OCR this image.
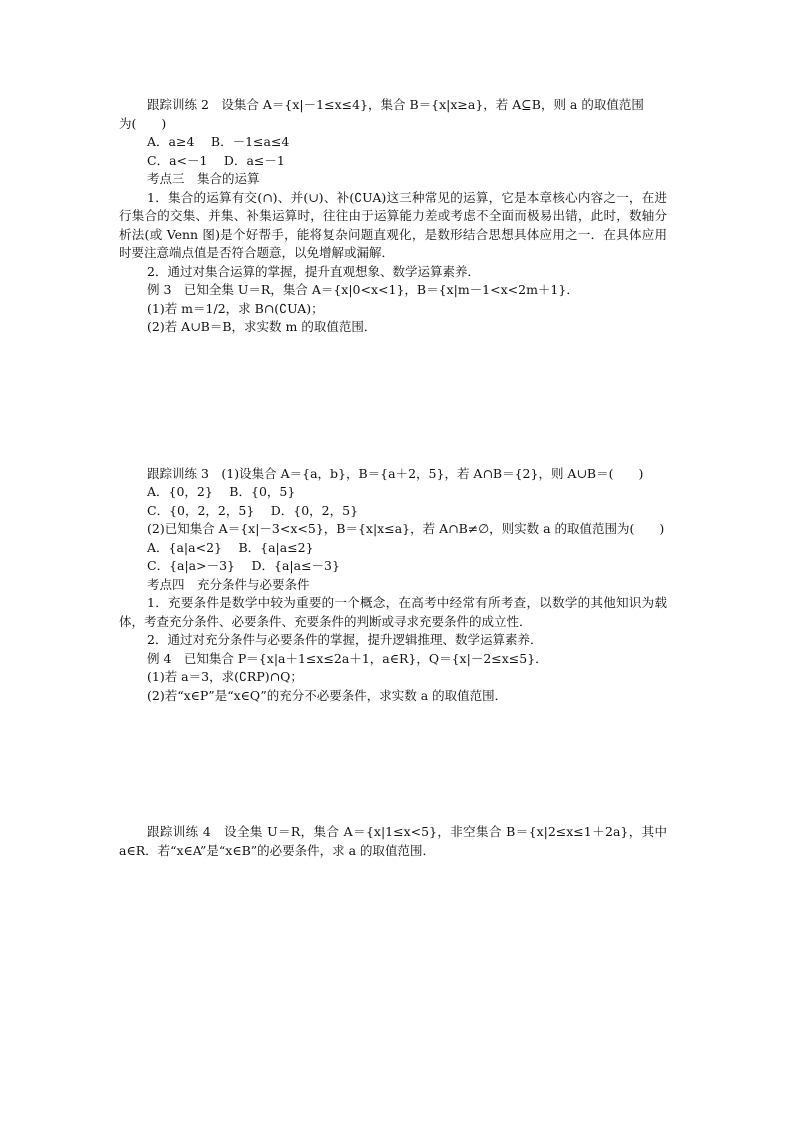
跟踪训练 2　设集合 A＝{x|－1≤x≤4}，集合 B＝{x|x≥a}，若 A⊆B，则 a 的取值范围
为(　　)
A．a≥4　 B．－1≤a≤4
C．a<－1　 D．a≤－1
考点三　集合的运算
1．集合的运算有交(∩)、并(∪)、补(∁UA)这三种常见的运算，它是本章核心内容之一，在进行集合的交集、并集、补集运算时，往往由于运算能力差或考虑不全面而极易出错，此时，数轴分析法(或 Venn 图)是个好帮手，能将复杂问题直观化，是数形结合思想具体应用之一．在具体应用时要注意端点值是否符合题意，以免增解或漏解．
2．通过对集合运算的掌握，提升直观想象、数学运算素养．
例 3　已知全集 U＝R，集合 A＝{x|0<x<1}，B＝{x|m－1<x<2m＋1}．
(1)若 m＝1/2，求 B∩(∁UA)；
(2)若 A∪B＝B，求实数 m 的取值范围．
跟踪训练 3　(1)设集合 A＝{a，b}，B＝{a＋2，5}，若 A∩B＝{2}，则 A∪B＝(　　)
A．{0，2}　 B．{0，5}
C．{0，2，2，5}　 D．{0，2，5}
(2)已知集合 A＝{x|－3<x<5}，B＝{x|x≤a}，若 A∩B≠∅，则实数 a 的取值范围为(　　)
A．{a|a<2}　 B．{a|a≤2}
C．{a|a>－3}　 D．{a|a≤－3}
考点四　充分条件与必要条件
1．充要条件是数学中较为重要的一个概念，在高考中经常有所考查，以数学的其他知识为载体，考查充分条件、必要条件、充要条件的判断或寻求充要条件的成立性．
2．通过对充分条件与必要条件的掌握，提升逻辑推理、数学运算素养．
例 4　已知集合 P＝{x|a＋1≤x≤2a＋1，a∈R}，Q＝{x|－2≤x≤5}．
(1)若 a＝3，求(∁RP)∩Q；
(2)若“x∈P”是“x∈Q”的充分不必要条件，求实数 a 的取值范围．
跟踪训练 4　设全集 U＝R，集合 A＝{x|1≤x<5}，非空集合 B＝{x|2≤x≤1＋2a}，其中 a∈R．若“x∈A”是“x∈B”的必要条件，求 a 的取值范围．
